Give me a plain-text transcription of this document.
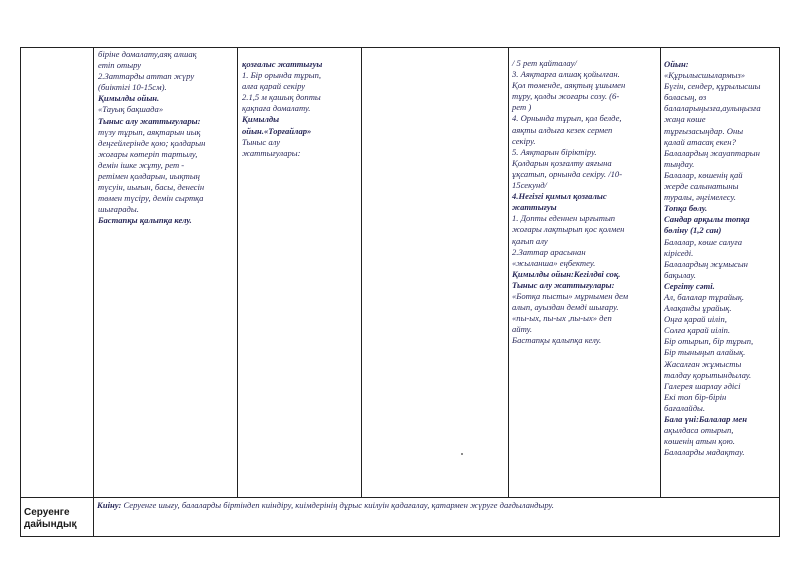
біріне домалату,аяқ алшақ

етіп отыру

2.Заттарды аттап жүру

(биіктігі 10-15см).

Қимылды ойын.

«Тауық бақшада»

Тыныс алу жаттығулары:

түзу тұрып, аяқтарын иық

деңгейлерінде қою; қолдарын

жоғары көтеріп тартылу,

демін ішке жұту, рет -

ретімен қолдарын, иықтың

түсуін, иығын, басы, денесін

төмен түсіру, демін сыртқа

шығарады.

Бастапқы қалыпқа келу.

қозғалыс жаттығуы

1. Бір орында тұрып,

алға қарай секіру

2.1,5 м қашық допты

қақпаға домалату.

Қимылды

ойын.«Торғайлар»

Тыныс алу

жаттығулары:

/ 5 рет қайталау/

3. Аяқтарға алшақ қойылған.

Қол төменде, аяқтың ұшымен

тұру, қолды жоғары созу. (6-

рет )

4. Орнында тұрып, қол белде,

аяқты алдыға кезек сермеп

секіру.

5. Аяқтарын біріктіру.

Қолдарын қозғалту аяғына

ұқсатып, орнында секіру. /10-

15секунд/

4.Негізгі қимыл қозғалыс

жаттығуы

1. Допты еденнен ырғытып

жоғары лақтырып қос қолмен

қағып алу

2.Заттар арасынан

«жыланша» еңбектеу.

Қимылды ойын:Кегілдві соқ.

Тыныс алу жаттығулары:

«Ботқа пысты» мұрнымен дем

алып, ауыздан демді шығару.

«пы-ых, пы-ых ,пы-ых» деп

айту.

Бастапқы қалыпқа келу.

Ойын:

«Құрылысшылармыз»

Бүгін, сендер, құрылысшы

боласың, өз

балаларыңызға,аулыңызға

жаңа көше

тұрғызасыңдар. Оны

қалай атасақ екен?

Балалардың жауаптарын

тыңдау.

Балалар, көшенің қай

жерде салынатыны

туралы, әңгімелесу.

Топқа бөлу.

Сандар арқылы топқа

бөліну (1,2 сан)

Балалар, көше салуға

кіріседі.

Балалардың жұмысын

бақылау.

Сергіту сәті.

Ал, балалар тұрайық.

Алақанды ұрайық.

Оңға қарай иіліп,

Солға қарай иіліп.

Бір отырып, бір тұрып,

Бір тыныңып алайық.

Жасалған жұмысты

талдау қорытындылау.

Галерея шарлау әдісі

Екі топ бір-бірін

бағалайды.

Бала үні:Балалар мен

ақылдаса отырып,

көшенің атын қою.

Балаларды мадақтау.

Серуенге
дайындық
Киіну: Серуенге шығу, балаларды біртіндеп киіндіру, киімдерінің дұрыс киілуін қадағалау, қатармен жүруге дағдыландыру.
